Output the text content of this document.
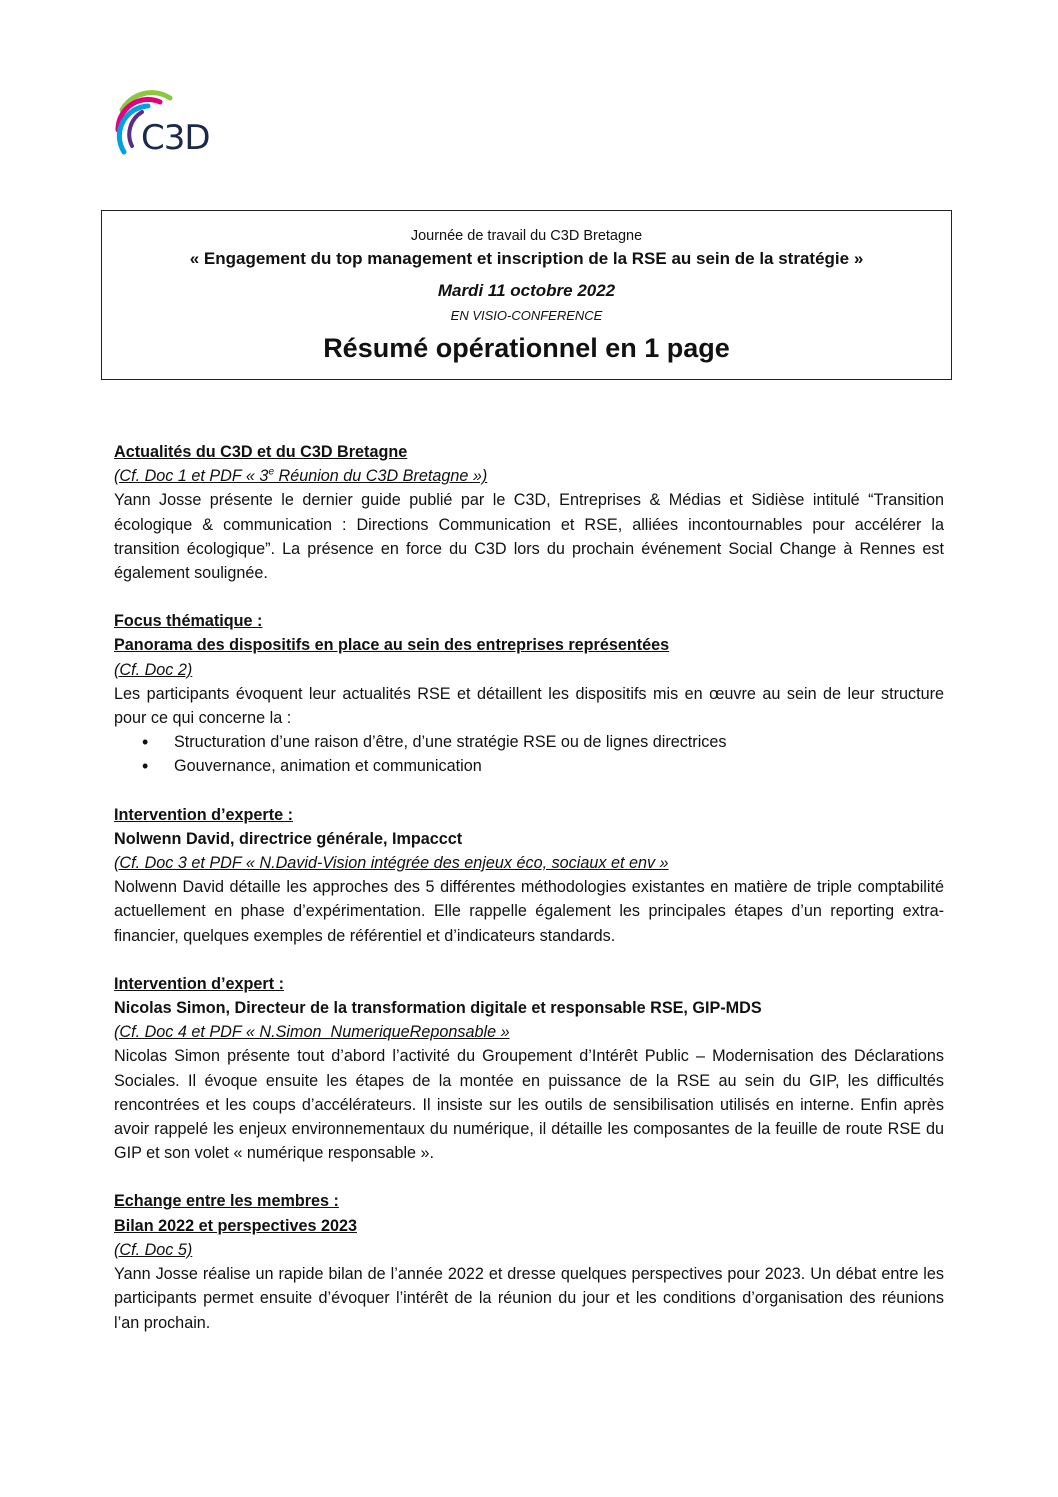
C3D
Journée de travail du C3D Bretagne
« Engagement du top management et inscription de la RSE au sein de la stratégie »
Mardi 11 octobre 2022
EN VISIO-CONFERENCE
Résumé opérationnel en 1 page
Actualités du C3D et du C3D Bretagne
(Cf. Doc 1 et PDF « 3e Réunion du C3D Bretagne »)
Yann Josse présente le dernier guide publié par le C3D, Entreprises & Médias et Sidièse intitulé “Transition écologique & communication : Directions Communication et RSE, alliées incontournables pour accélérer la transition écologique”. La présence en force du C3D lors du prochain événement Social Change à Rennes est également soulignée.
Focus thématique :
Panorama des dispositifs en place au sein des entreprises représentées
(Cf. Doc 2)
Les participants évoquent leur actualités RSE et détaillent les dispositifs mis en œuvre au sein de leur structure pour ce qui concerne la :
• Structuration d’une raison d’être, d’une stratégie RSE ou de lignes directrices
• Gouvernance, animation et communication
Intervention d’experte :
Nolwenn David, directrice générale, Impaccct
(Cf. Doc 3 et PDF « N.David-Vision intégrée des enjeux éco, sociaux et env »
Nolwenn David détaille les approches des 5 différentes méthodologies existantes en matière de triple comptabilité actuellement en phase d’expérimentation. Elle rappelle également les principales étapes d’un reporting extra-financier, quelques exemples de référentiel et d’indicateurs standards.
Intervention d’expert :
Nicolas Simon, Directeur de la transformation digitale et responsable RSE, GIP-MDS
(Cf. Doc 4 et PDF « N.Simon_NumeriqueReponsable »
Nicolas Simon présente tout d’abord l’activité du Groupement d’Intérêt Public – Modernisation des Déclarations Sociales. Il évoque ensuite les étapes de la montée en puissance de la RSE au sein du GIP, les difficultés rencontrées et les coups d’accélérateurs. Il insiste sur les outils de sensibilisation utilisés en interne. Enfin après avoir rappelé les enjeux environnementaux du numérique, il détaille les composantes de la feuille de route RSE du GIP et son volet « numérique responsable ».
Echange entre les membres :
Bilan 2022 et perspectives 2023
(Cf. Doc 5)
Yann Josse réalise un rapide bilan de l’année 2022 et dresse quelques perspectives pour 2023. Un débat entre les participants permet ensuite d’évoquer l’intérêt de la réunion du jour et les conditions d’organisation des réunions l’an prochain.
